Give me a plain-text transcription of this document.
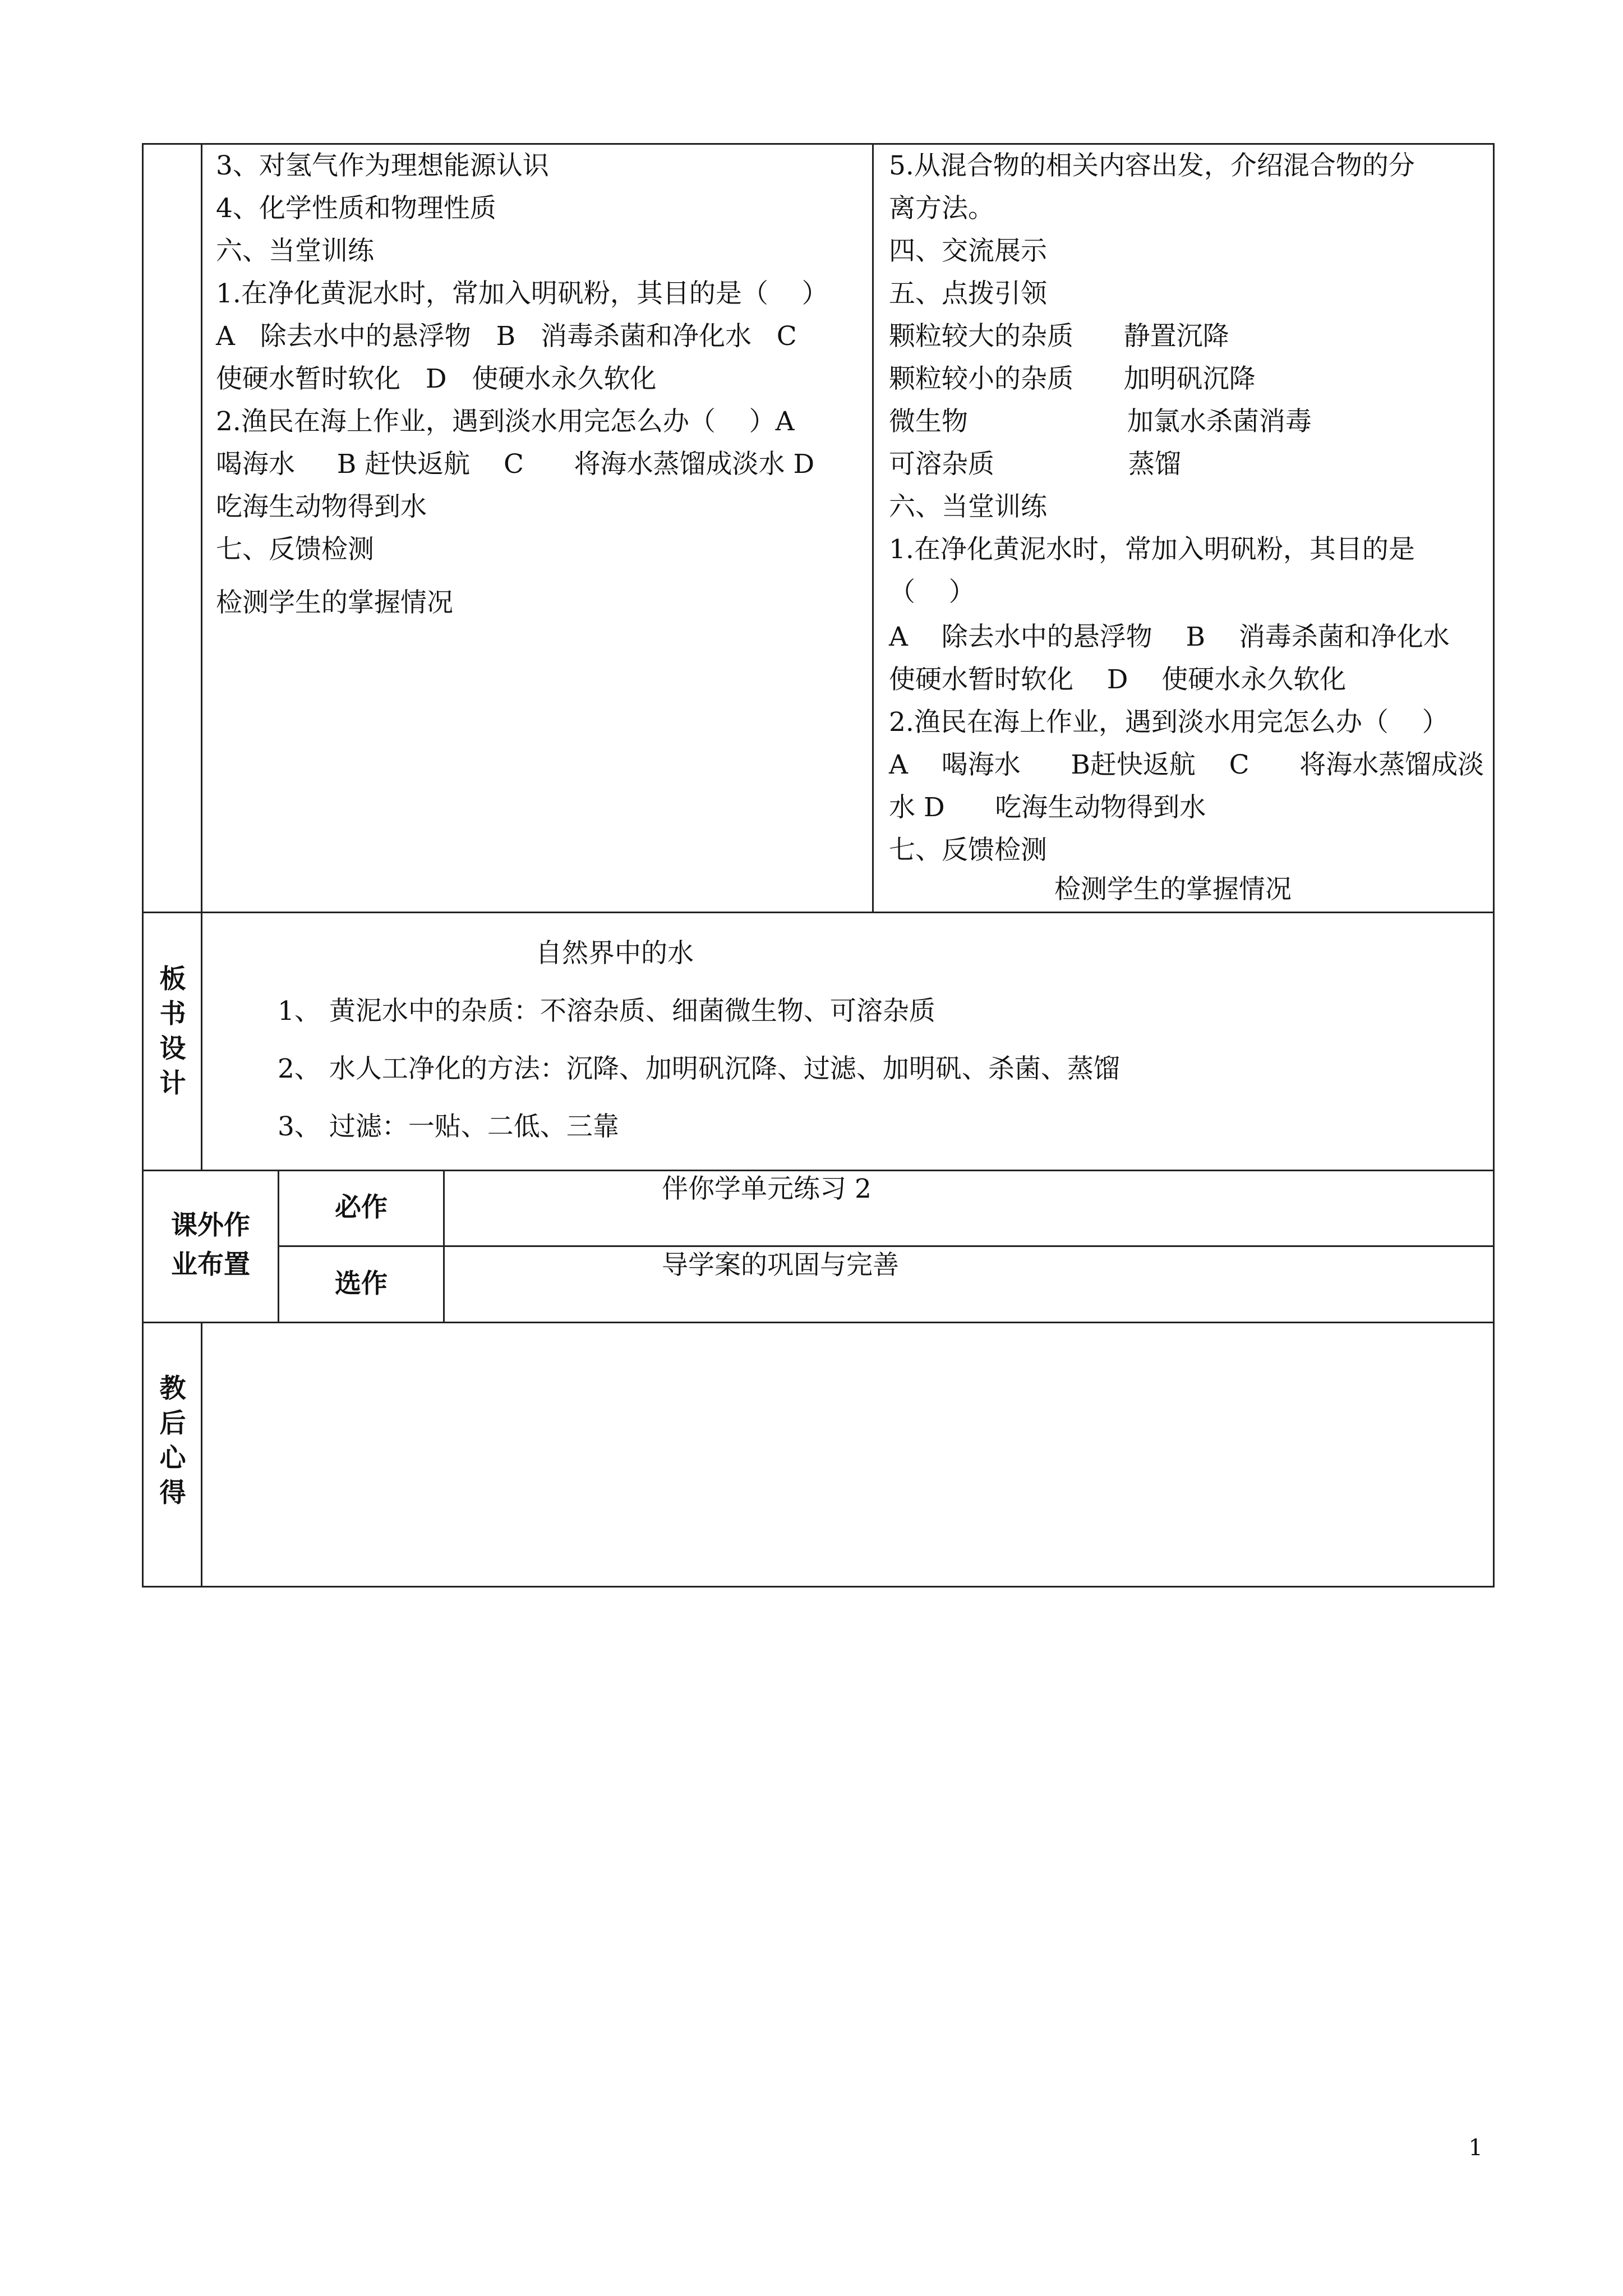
3、对氢气作为理想能源认识
4、化学性质和物理性质
六、当堂训练
1.在净化黄泥水时，常加入明矾粉，其目的是（    ）
A   除去水中的悬浮物   B   消毒杀菌和净化水   C
使硬水暂时软化   D   使硬水永久软化
2.渔民在海上作业，遇到淡水用完怎么办（    ）A
喝海水     B 赶快返航    C      将海水蒸馏成淡水 D
吃海生动物得到水
七、反馈检测
检测学生的掌握情况
5.从混合物的相关内容出发，介绍混合物的分
离方法。
四、交流展示
五、点拨引领
颗粒较大的杂质      静置沉降
颗粒较小的杂质      加明矾沉降
微生物                   加氯水杀菌消毒
可溶杂质                蒸馏
六、当堂训练
1.在净化黄泥水时，常加入明矾粉，其目的是
（    ）
A    除去水中的悬浮物    B    消毒杀菌和净化水
使硬水暂时软化    D    使硬水永久软化
2.渔民在海上作业，遇到淡水用完怎么办（    ）
A    喝海水      B赶快返航    C      将海水蒸馏成淡
水 D      吃海生动物得到水
七、反馈检测
检测学生的掌握情况
板书设计
自然界中的水
1、 黄泥水中的杂质：不溶杂质、细菌微生物、可溶杂质
2、 水人工净化的方法：沉降、加明矾沉降、过滤、加明矾、杀菌、蒸馏
3、 过滤：一贴、二低、三靠
课外作
业布置
必作
伴你学单元练习 2
选作
导学案的巩固与完善
教后心得
1
